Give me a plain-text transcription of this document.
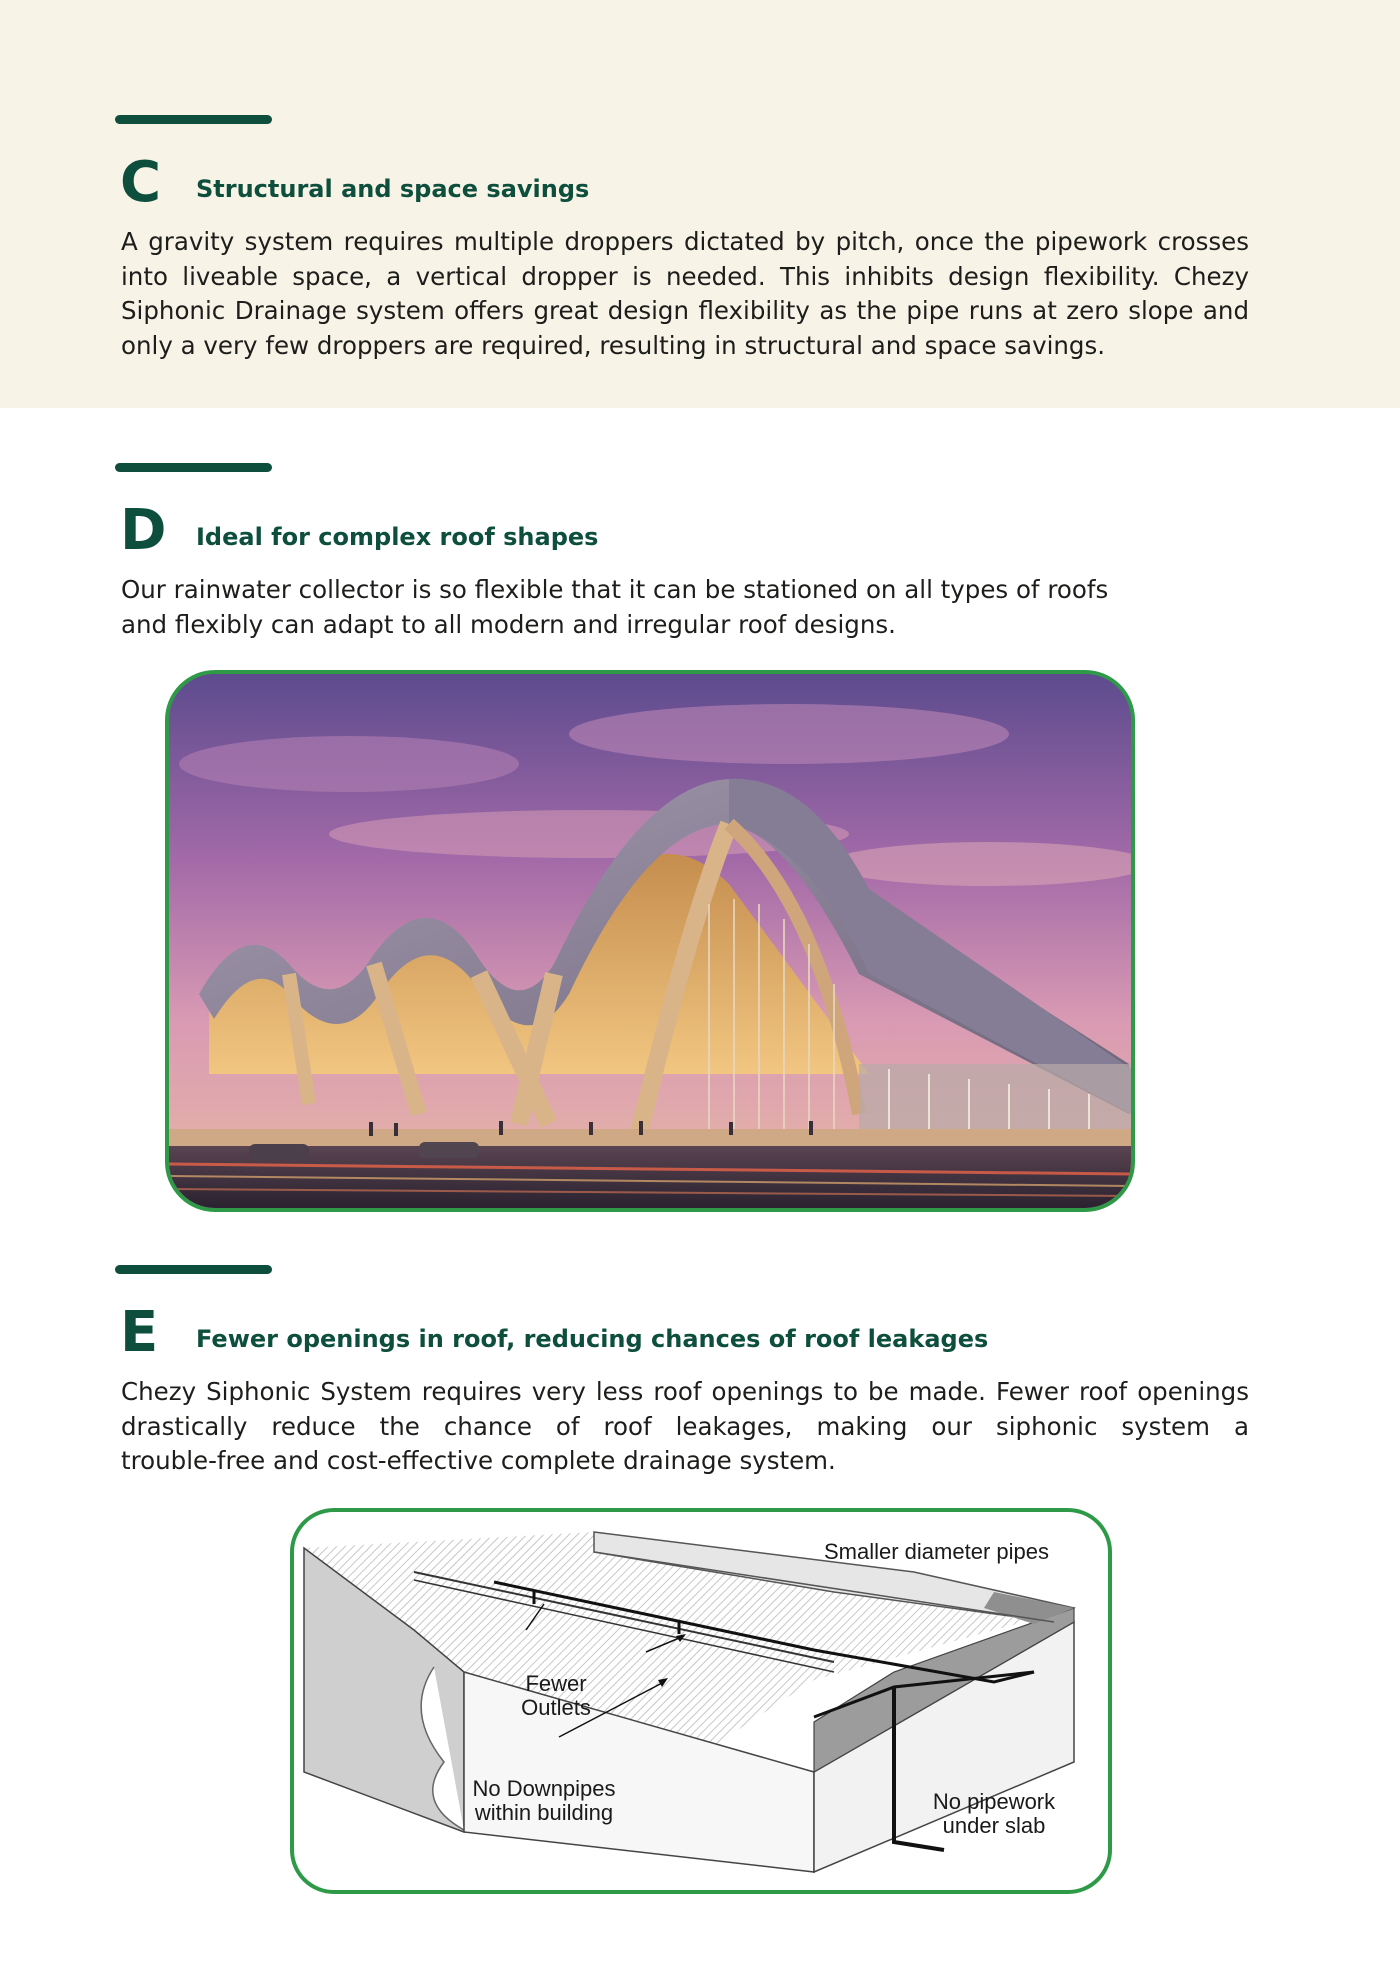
C Structural and space savings
A gravity system requires multiple droppers dictated by pitch, once the pipework crosses
into liveable space, a vertical dropper is needed. This inhibits design flexibility. Chezy
Siphonic Drainage system offers great design flexibility as the pipe runs at zero slope and
only a very few droppers are required, resulting in structural and space savings.
D Ideal for complex roof shapes
Our rainwater collector is so flexible that it can be stationed on all types of roofs
and flexibly can adapt to all modern and irregular roof designs.
E Fewer openings in roof, reducing chances of roof leakages
Chezy Siphonic System requires very less roof openings to be made. Fewer roof openings
drastically reduce the chance of roof leakages, making our siphonic system a
trouble-free and cost-effective complete drainage system.
Smaller diameter pipes
Fewer
Outlets
No Downpipes
within building	No pipework
under slab
